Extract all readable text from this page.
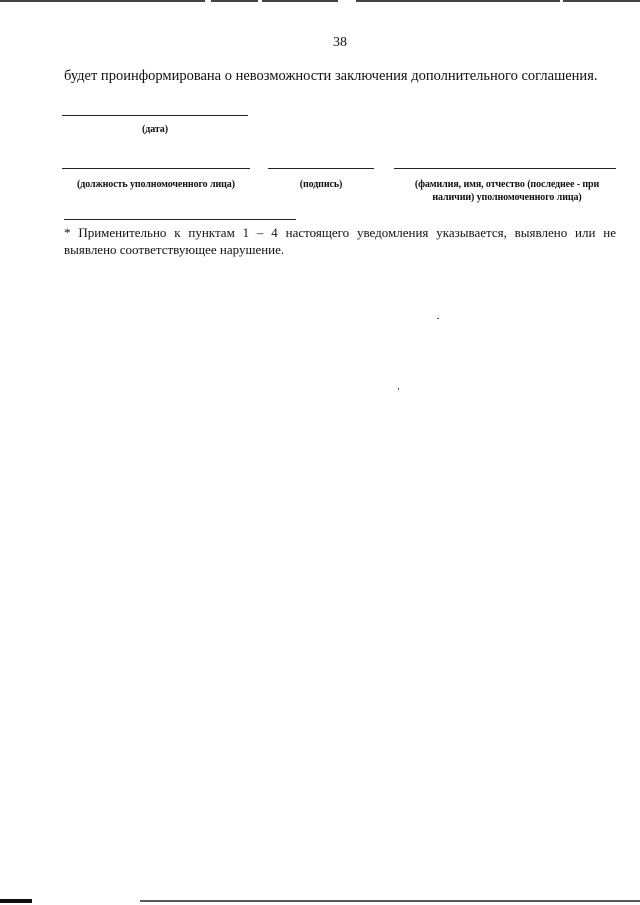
38
будет проинформирована о невозможности заключения дополнительного соглашения.
(дата)
(должность уполномоченного лица)	(подпись)	(фамилия, имя, отчество (последнее - при наличии) уполномоченного лица)
* Применительно к пунктам 1 – 4 настоящего уведомления указывается, выявлено или не выявлено соответствующее нарушение.
